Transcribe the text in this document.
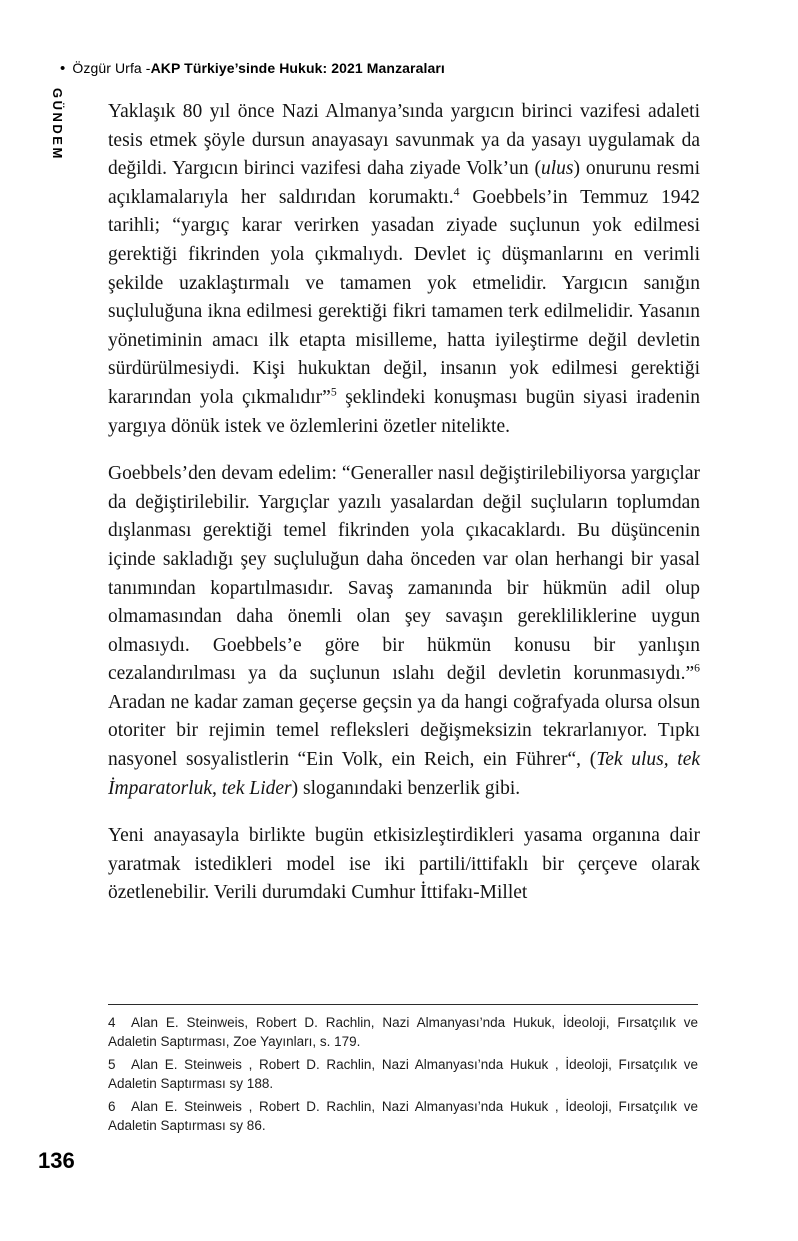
• Özgür Urfa - AKP Türkiye’sinde Hukuk: 2021 Manzaraları
GÜNDEM Yaklaşık 80 yıl önce Nazi Almanya’sında yargıcın birinci vazifesi adaleti tesis etmek şöyle dursun anayasayı savunmak ya da yasayı uygulamak da değildi. Yargıcın birinci vazifesi daha ziyade Volk’un (ulus) onurunu resmi açıklamalarıyla her saldırıdan korumaktı.$^4$ Goebbels’in Temmuz 1942 tarihli; “yargıç karar verirken yasadan ziyade suçlunun yok edilmesi gerektiği fikrinden yola çıkmalıydı. Devlet iç düşmanlarını en verimli şekilde uzaklaştırmalı ve tamamen yok etmelidir. Yargıcın sanığın suçluluğuna ikna edilmesi gerektiği fikri tamamen terk edilmelidir. Yasanın yönetiminin amacı ilk etapta misilleme, hatta iyileştirme değil devletin sürdürülmesiydi. Kişi hukuktan değil, insanın yok edilmesi gerektiği kararından yola çıkmalıdır”$^5$ şeklindeki konuşması bugün siyasi iradenin yargıya dönük istek ve özlemlerini özetler nitelikte.

Goebbels’den devam edelim: “Generaller nasıl değiştirilebiliyorsa yargıçlar da değiştirilebilir. Yargıçlar yazılı yasalardan değil suçluların toplumdan dışlanması gerektiği temel fikrinden yola çıkacaklardı. Bu düşüncenin içinde sakladığı şey suçluluğun daha önceden var olan herhangi bir yasal tanımından kopartılmasıdır. Savaş zamanında bir hükmün adil olup olmamasından daha önemli olan şey savaşın gerekliliklerine uygun olmasıydı. Goebbels’e göre bir hükmün konusu bir yanlışın cezalandırılması ya da suçlunun ıslahı değil devletin korunmasıydı.”$^6$ Aradan ne kadar zaman geçerse geçsin ya da hangi coğrafyada olursa olsun otoriter bir rejimin temel refleksleri değişmeksizin tekrarlanıyor. Tıpkı nasyonel sosyalistlerin “Ein Volk, ein Reich, ein Führer“, (Tek ulus, tek İmparatorluk, tek Lider) sloganındaki benzerlik gibi.

Yeni anayasayla birlikte bugün etkisizleştirdikleri yasama organına dair yaratmak istedikleri model ise iki partili/ittifaklı bir çerçeve olarak özetlenebilir. Verili durumdaki Cumhur İttifakı-Millet

4 Alan E. Steinweis, Robert D. Rachlin, Nazi Almanyası’nda Hukuk, İdeoloji, Fırsatçılık ve Adaletin Saptırması, Zoe Yayınları, s. 179.
5 Alan E. Steinweis , Robert D. Rachlin, Nazi Almanyası’nda Hukuk , İdeoloji, Fırsatçılık ve Adaletin Saptırması sy 188.
6 Alan E. Steinweis , Robert D. Rachlin, Nazi Almanyası’nda Hukuk , İdeoloji, Fırsatçılık ve Adaletin Saptırması sy 86.
136
